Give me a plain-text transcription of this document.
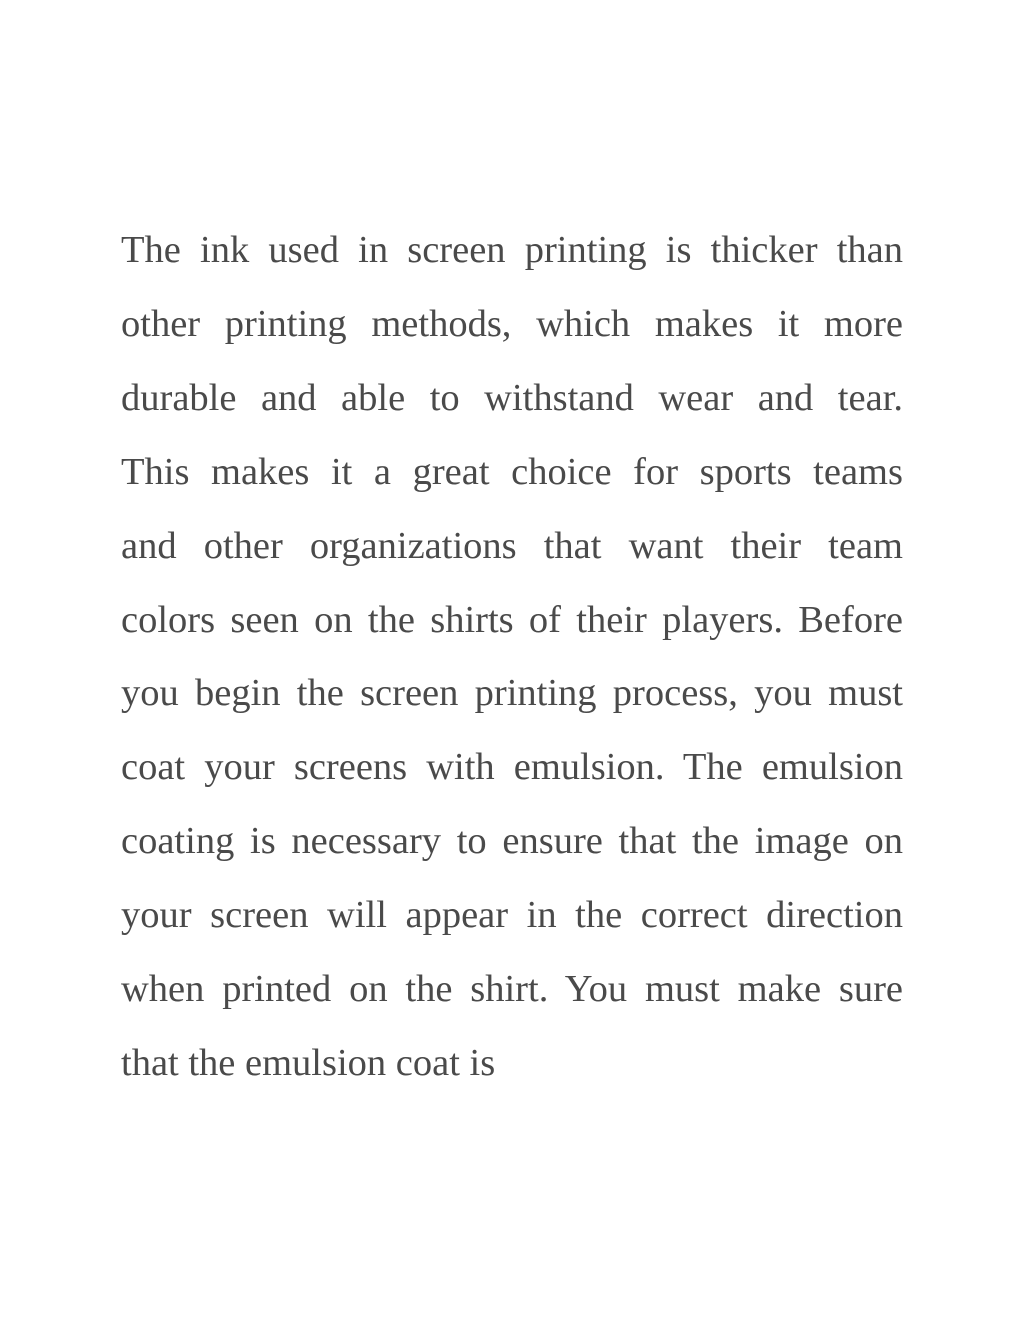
The ink used in screen printing is thicker than
other printing methods, which makes it more
durable and able to withstand wear and tear.
This makes it a great choice for sports teams
and other organizations that want their team
colors seen on the shirts of their players. Before
you begin the screen printing process, you must
coat your screens with emulsion. The emulsion
coating is necessary to ensure that the image on
your screen will appear in the correct direction
when printed on the shirt. You must make sure
that the emulsion coat is
